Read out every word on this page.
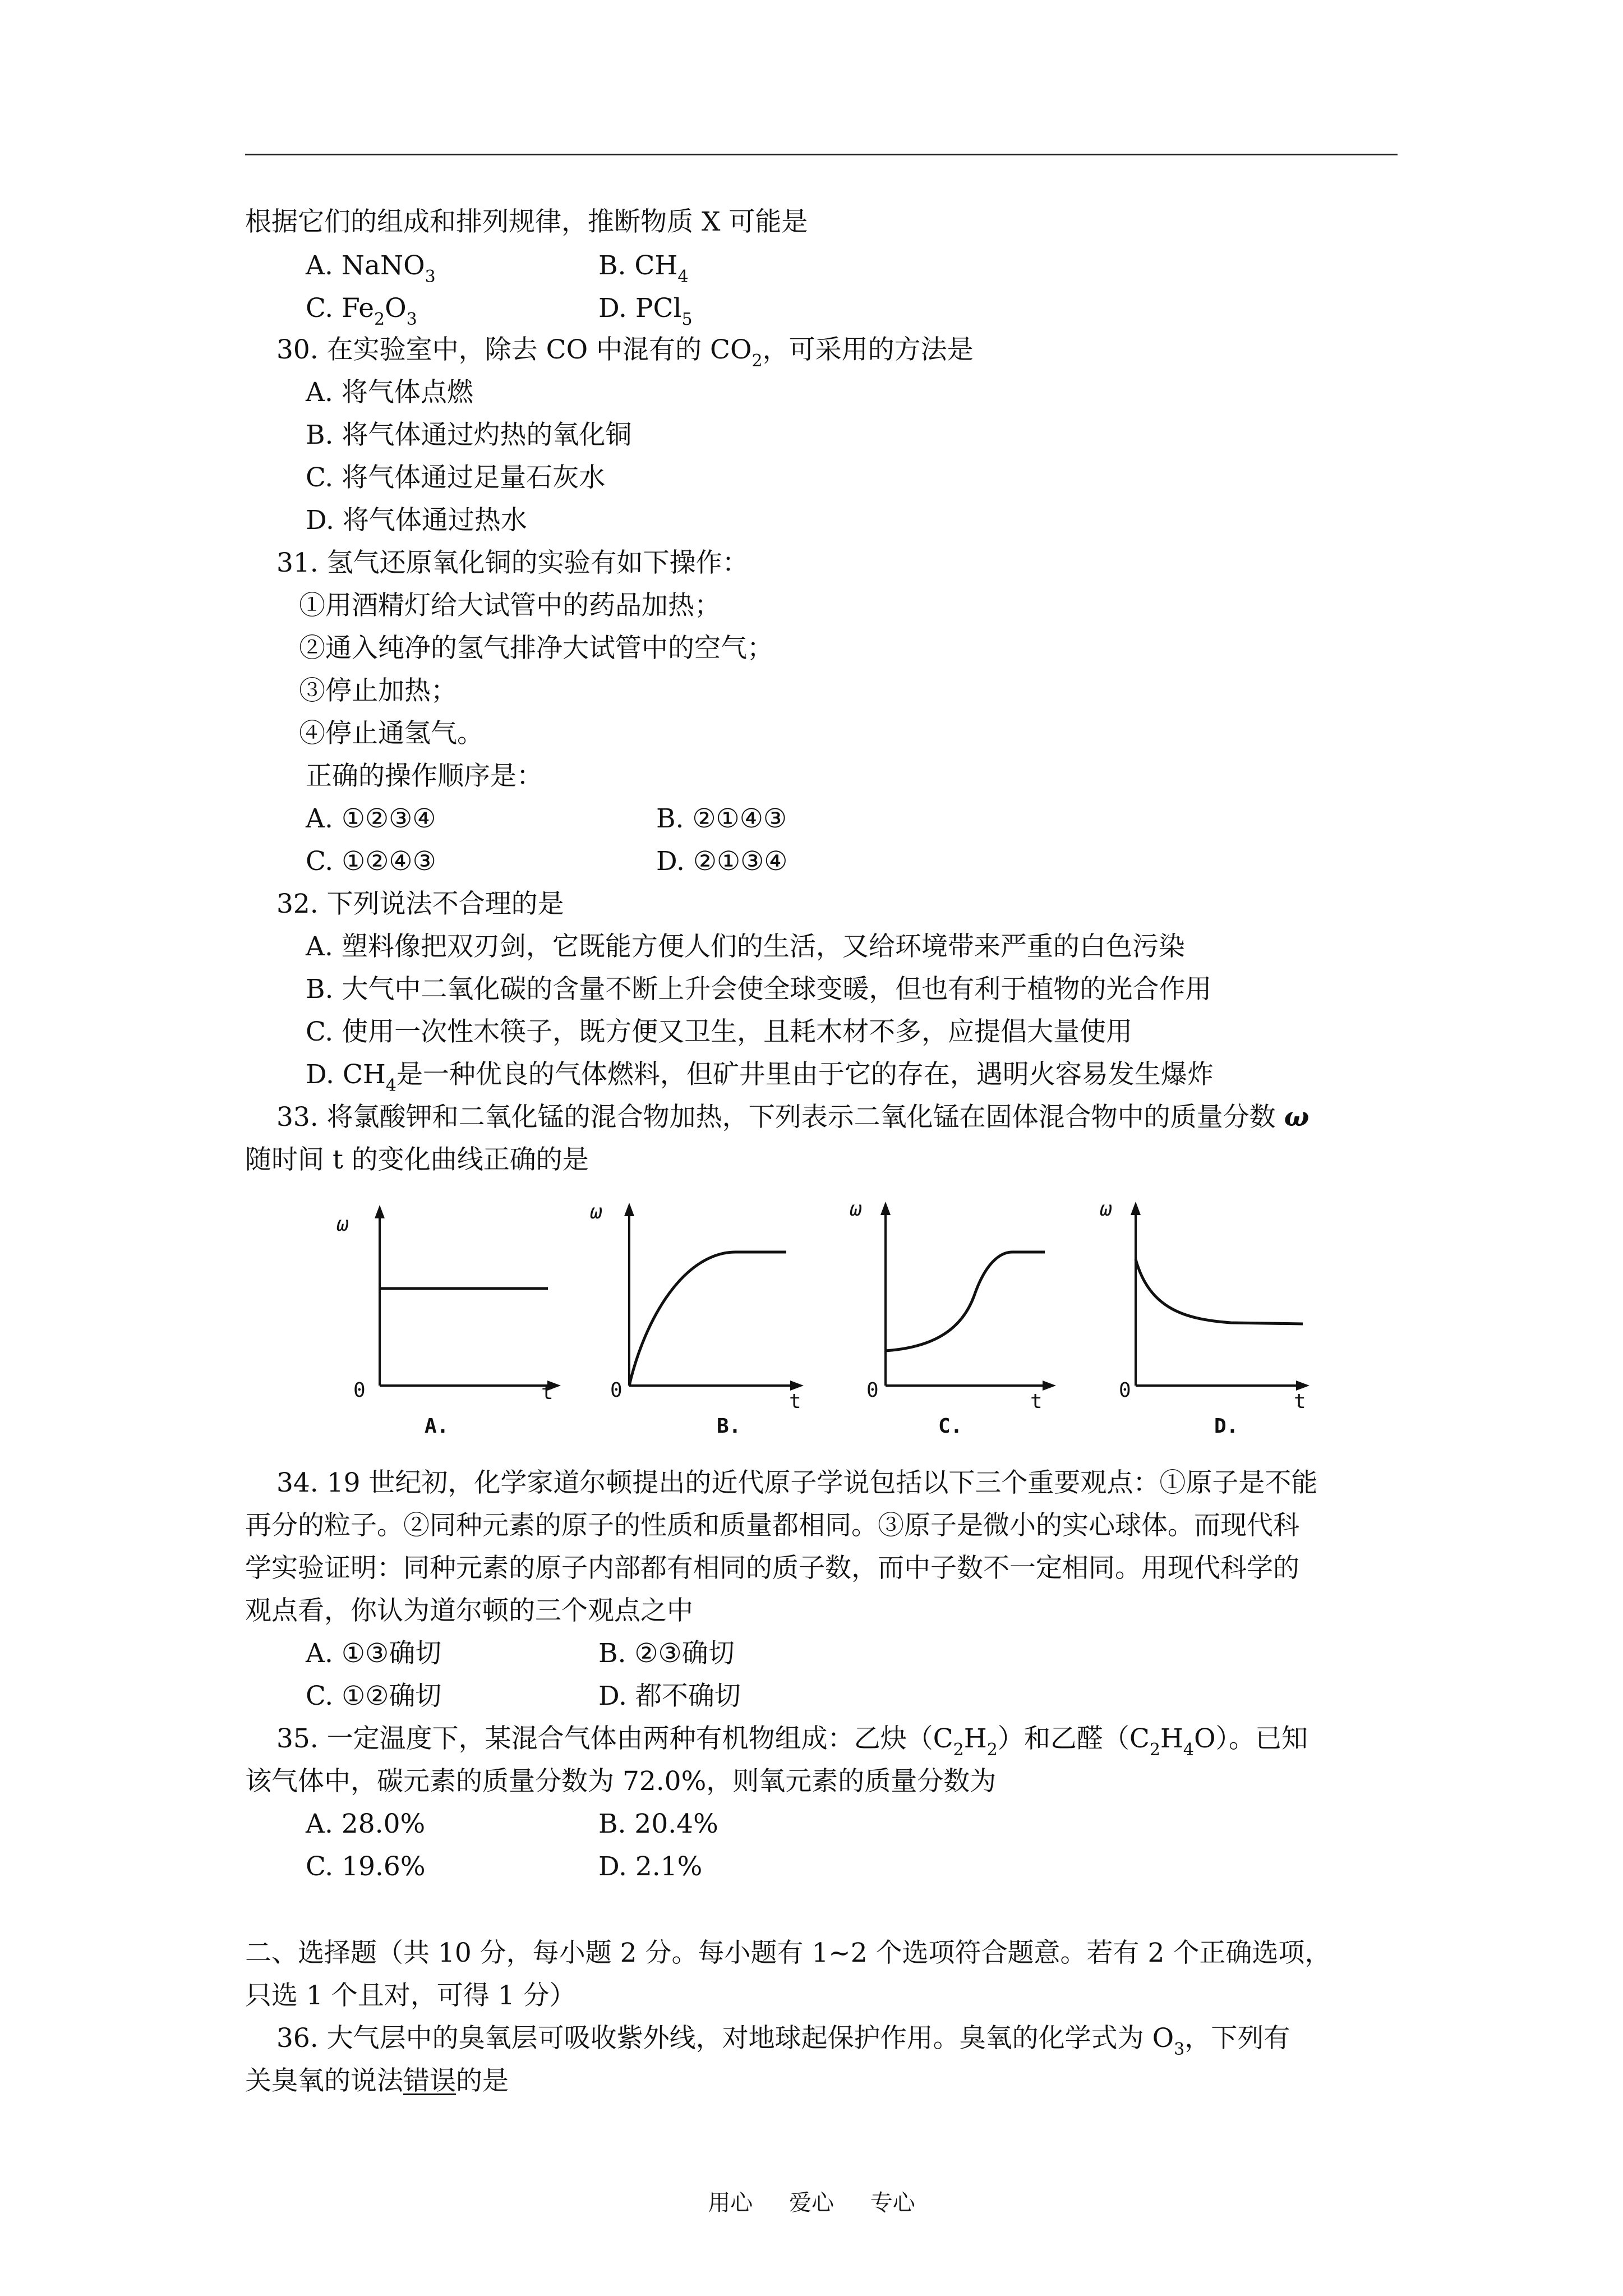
根据它们的组成和排列规律，推断物质 X 可能是
A. NaNO$_3$	B. $CH_4$
C. $Fe_2O_3$	D. PCl$_5$
30. 在实验室中，除去 CO 中混有的 $CO_2$，可采用的方法是
A. 将气体点燃
B. 将气体通过灼热的氧化铜
C. 将气体通过足量石灰水
D. 将气体通过热水
31. 氢气还原氧化铜的实验有如下操作：
①用酒精灯给大试管中的药品加热；
②通入纯净的氢气排净大试管中的空气；
③停止加热；
④停止通氢气。
正确的操作顺序是：
A. ①②③④	B. ②①④③
C. ①②④③	D. ②①③④
32. 下列说法不合理的是
A. 塑料像把双刃剑，它既能方便人们的生活，又给环境带来严重的白色污染
B. 大气中二氧化碳的含量不断上升会使全球变暖，但也有利于植物的光合作用
C. 使用一次性木筷子，既方便又卫生，且耗木材不多，应提倡大量使用
D. $CH_4$是一种优良的气体燃料，但矿井里由于它的存在，遇明火容易发生爆炸
33. 将氯酸钾和二氧化锰的混合物加热，下列表示二氧化锰在固体混合物中的质量分数 ω
随时间 t 的变化曲线正确的是
ω
0	t
A.
ω
0	t
B.
ω
0	t
C.
ω
0	t
D.
34. 19 世纪初，化学家道尔顿提出的近代原子学说包括以下三个重要观点：①原子是不能
再分的粒子。②同种元素的原子的性质和质量都相同。③原子是微小的实心球体。而现代科
学实验证明：同种元素的原子内部都有相同的质子数，而中子数不一定相同。用现代科学的
观点看，你认为道尔顿的三个观点之中
A. ①③确切	B. ②③确切
C. ①②确切	D. 都不确切
35. 一定温度下，某混合气体由两种有机物组成：乙炔$(C_2H_2)$和乙醛$(C_2H_4O)$。已知
该气体中，碳元素的质量分数为 72.0%，则氧元素的质量分数为
A. 28.0%	B. 20.4%
C. 19.6%	D. 2.1%
二、选择题（共 10 分，每小题 2 分。每小题有 1~2 个选项符合题意。若有 2 个正确选项，
只选 1 个且对，可得 1 分）
36. 大气层中的臭氧层可吸收紫外线，对地球起保护作用。臭氧的化学式为 $O_3$，下列有
关臭氧的说法错误的是
用心 爱心 专心
